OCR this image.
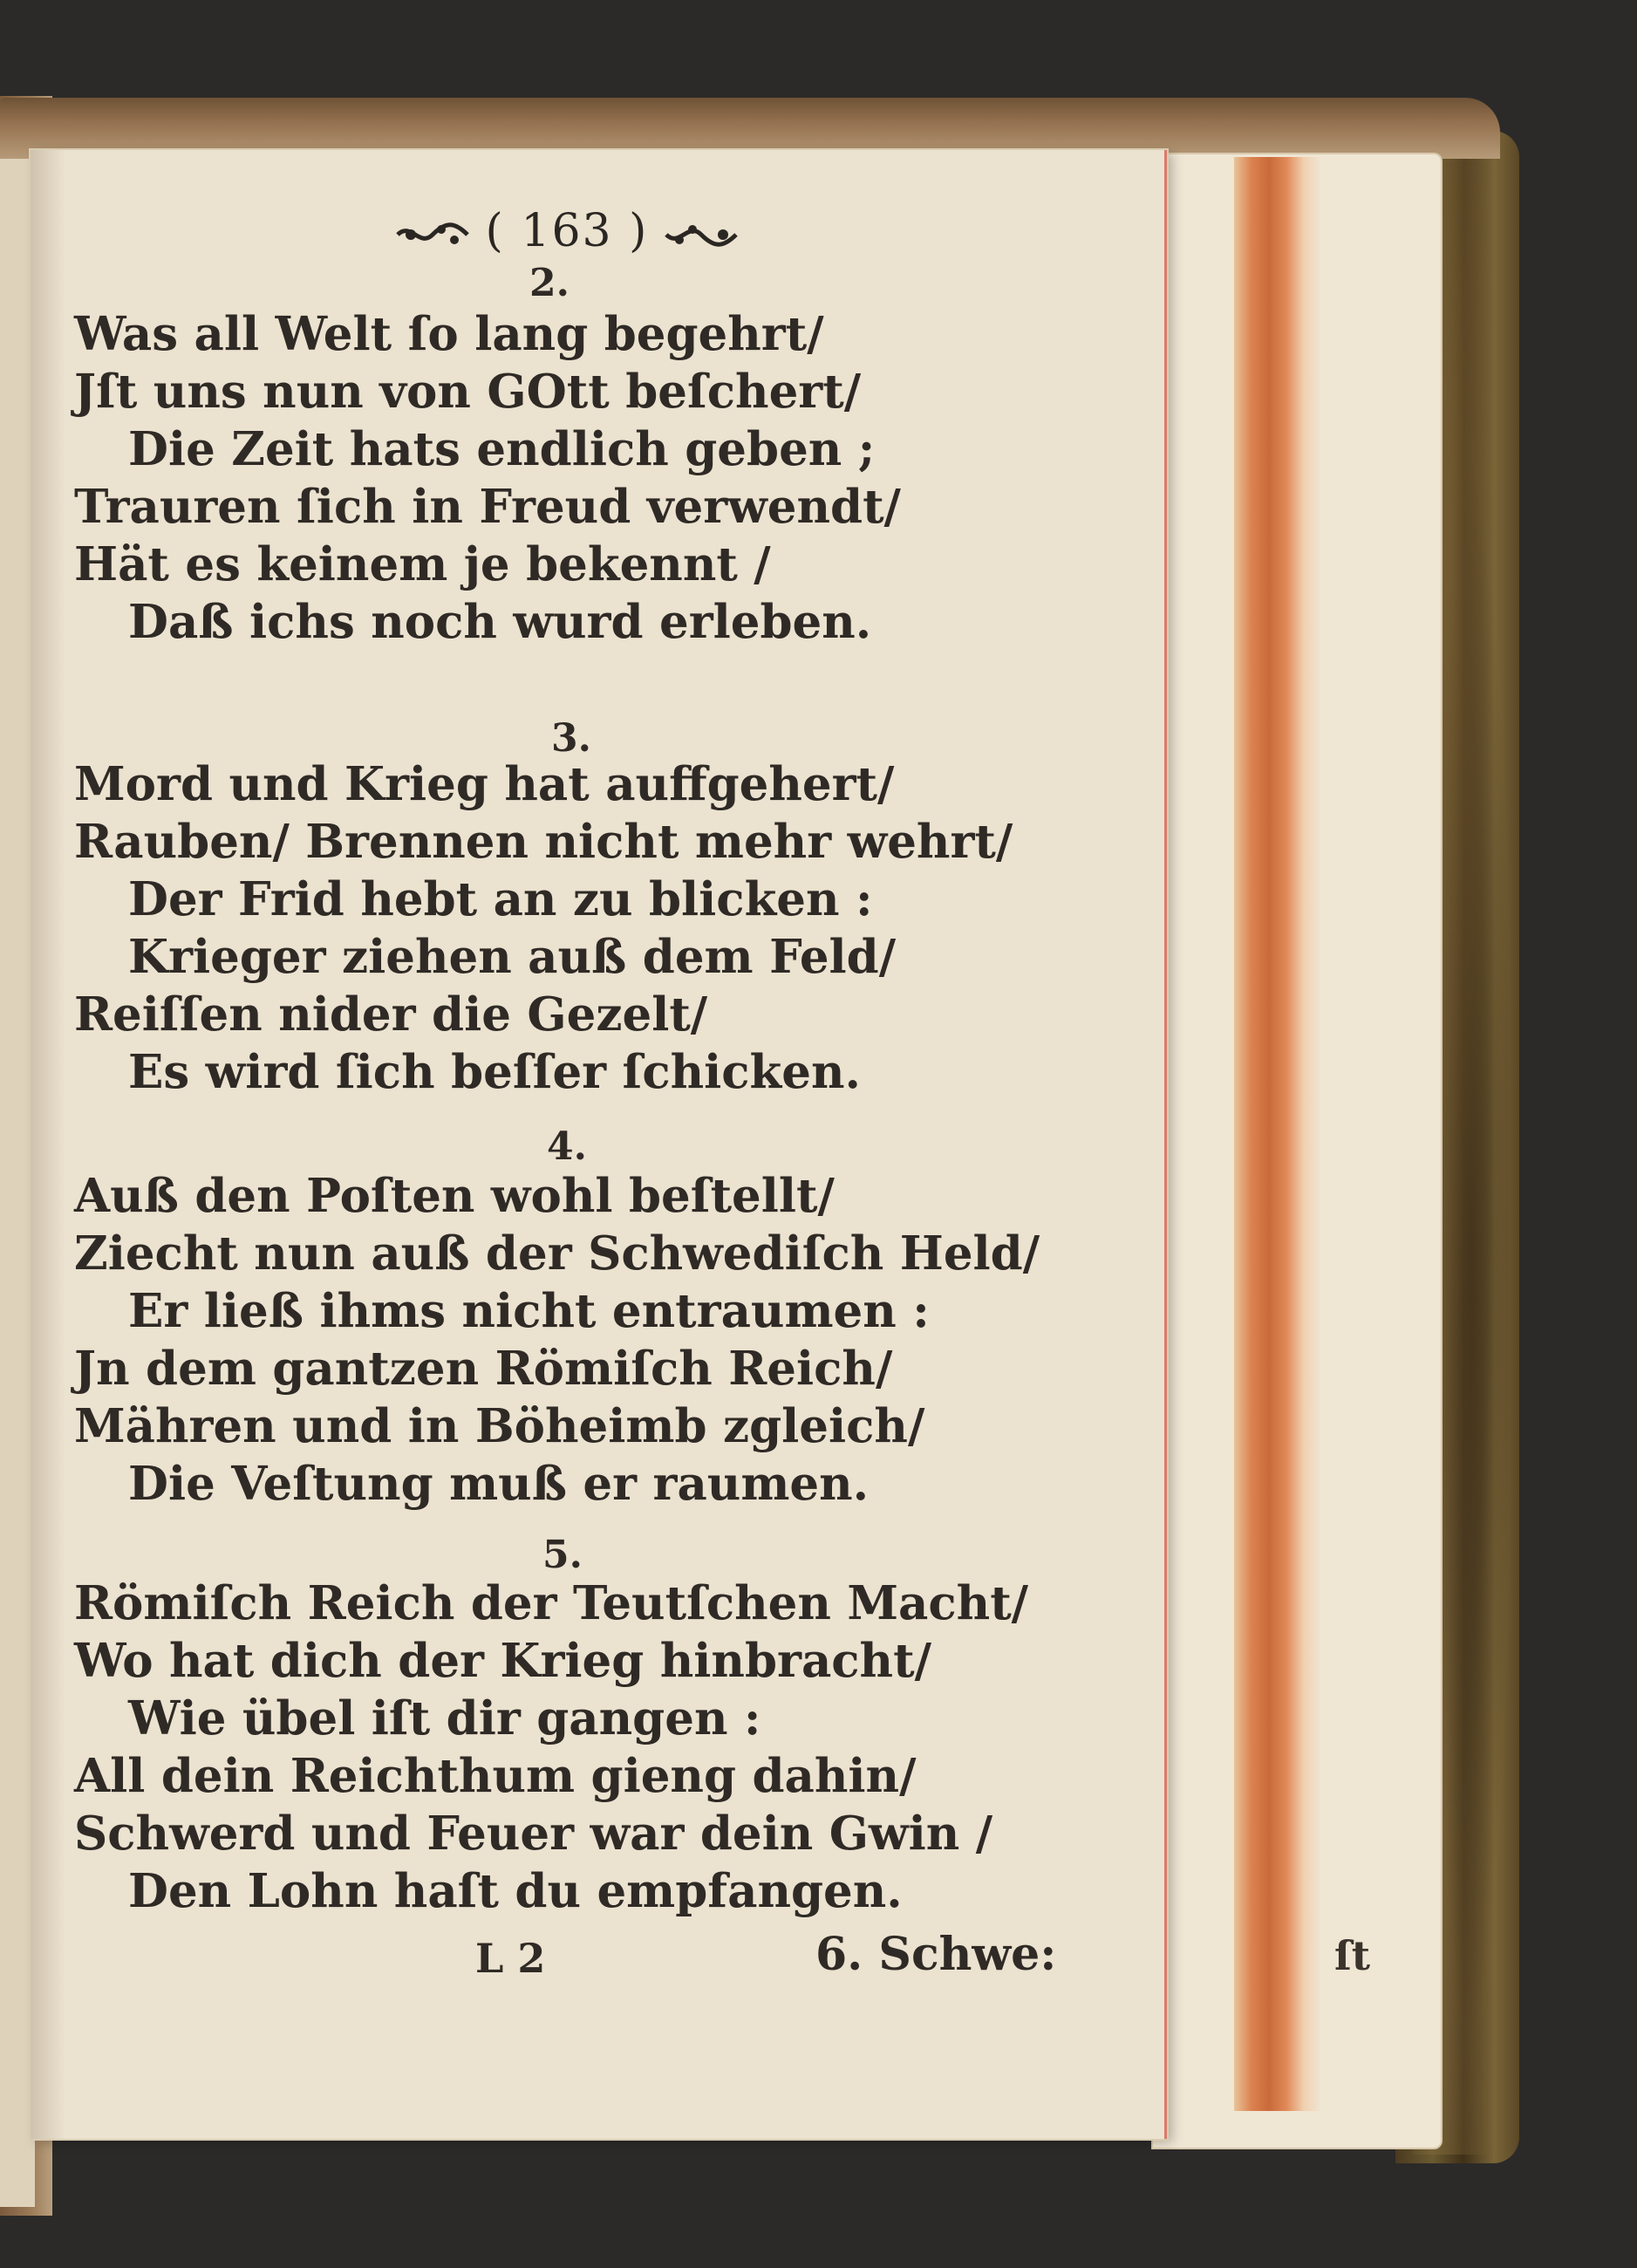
( 163 )
2.
Was all Welt ſo lang begehrt/
Jſt uns nun von GOtt beſchert/
Die Zeit hats endlich geben ;
Trauren ſich in Freud verwendt/
Hät es keinem je bekennt /
Daß ichs noch wurd erleben.
3.
Mord und Krieg hat auffgehert/
Rauben/ Brennen nicht mehr wehrt/
Der Frid hebt an zu blicken :
Krieger ziehen auß dem Feld/
Reiſſen nider die Gezelt/
Es wird ſich beſſer ſchicken.
4.
Auß den Poſten wohl beſtellt/
Ziecht nun auß der Schwediſch Held/
Er ließ ihms nicht entraumen :
Jn dem gantzen Römiſch Reich/
Mähren und in Böheimb zgleich/
Die Veſtung muß er raumen.
5.
Römiſch Reich der Teutſchen Macht/
Wo hat dich der Krieg hinbracht/
Wie übel iſt dir gangen :
All dein Reichthum gieng dahin/
Schwerd und Feuer war dein Gwin /
Den Lohn haſt du empfangen.
L 2	6. Schwe:	ſt
